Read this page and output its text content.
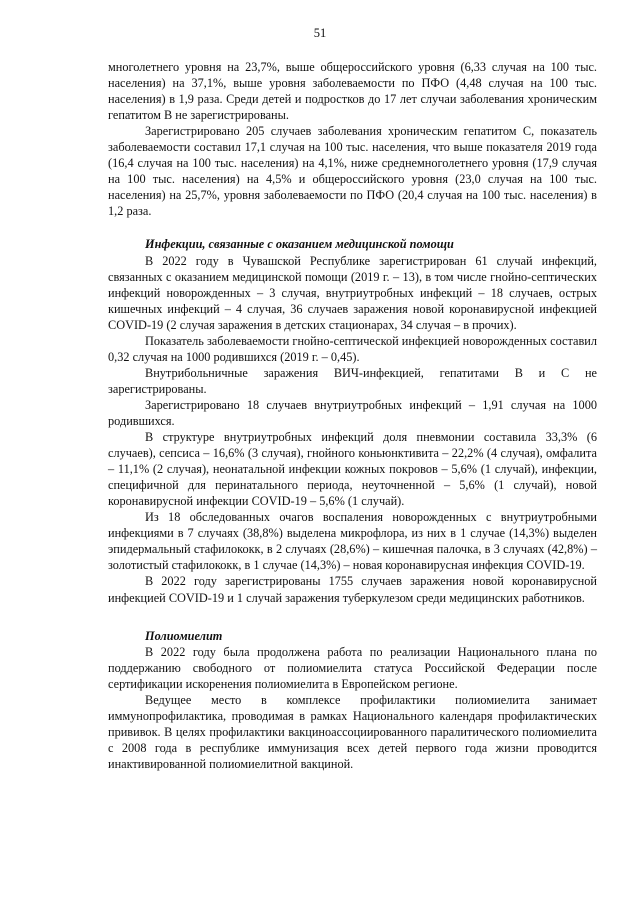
51

многолетнего уровня на 23,7%, выше общероссийского уровня (6,33 случая на 100 тыс. населения) на 37,1%, выше уровня заболеваемости по ПФО (4,48 случая на 100 тыс. населения) в 1,9 раза. Среди детей и подростков до 17 лет случаи заболевания хроническим гепатитом В не зарегистрированы.

Зарегистрировано 205 случаев заболевания хроническим гепатитом С, показатель заболеваемости составил 17,1 случая на 100 тыс. населения, что выше показателя 2019 года (16,4 случая на 100 тыс. населения) на 4,1%, ниже среднемноголетнего уровня (17,9 случая на 100 тыс. населения) на 4,5% и общероссийского уровня (23,0 случая на 100 тыс. населения) на 25,7%, уровня заболеваемости по ПФО (20,4 случая на 100 тыс. населения) в 1,2 раза.

Инфекции, связанные с оказанием медицинской помощи

В 2022 году в Чувашской Республике зарегистрирован 61 случай инфекций, связанных с оказанием медицинской помощи (2019 г. – 13), в том числе гнойно-септических инфекций новорожденных – 3 случая, внутриутробных инфекций – 18 случаев, острых кишечных инфекций – 4 случая, 36 случаев заражения новой коронавирусной инфекцией COVID-19 (2 случая заражения в детских стационарах, 34 случая – в прочих).

Показатель заболеваемости гнойно-септической инфекцией новорожденных составил 0,32 случая на 1000 родившихся (2019 г. – 0,45).

Внутрибольничные заражения ВИЧ-инфекцией, гепатитами В и С не зарегистрированы.

Зарегистрировано 18 случаев внутриутробных инфекций – 1,91 случая на 1000 родившихся.

В структуре внутриутробных инфекций доля пневмонии составила 33,3% (6 случаев), сепсиса – 16,6% (3 случая), гнойного коньюнктивита – 22,2% (4 случая), омфалита – 11,1% (2 случая), неонатальной инфекции кожных покровов – 5,6% (1 случай), инфекции, специфичной для перинатального периода, неуточненной – 5,6% (1 случай), новой коронавирусной инфекции COVID-19 – 5,6% (1 случай).

Из 18 обследованных очагов воспаления новорожденных с внутриутробными инфекциями в 7 случаях (38,8%) выделена микрофлора, из них в 1 случае (14,3%) выделен эпидермальный стафилококк, в 2 случаях (28,6%) – кишечная палочка, в 3 случаях (42,8%) – золотистый стафилококк, в 1 случае (14,3%) – новая коронавирусная инфекция COVID-19.

В 2022 году зарегистрированы 1755 случаев заражения новой коронавирусной инфекцией COVID-19 и 1 случай заражения туберкулезом среди медицинских работников.

Полиомиелит

В 2022 году была продолжена работа по реализации Национального плана по поддержанию свободного от полиомиелита статуса Российской Федерации после сертификации искоренения полиомиелита в Европейском регионе.

Ведущее место в комплексе профилактики полиомиелита занимает иммунопрофилактика, проводимая в рамках Национального календаря профилактических прививок. В целях профилактики вакциноассоциированного паралитического полиомиелита с 2008 года в республике иммунизация всех детей первого года жизни проводится инактивированной полиомиелитной вакциной.
